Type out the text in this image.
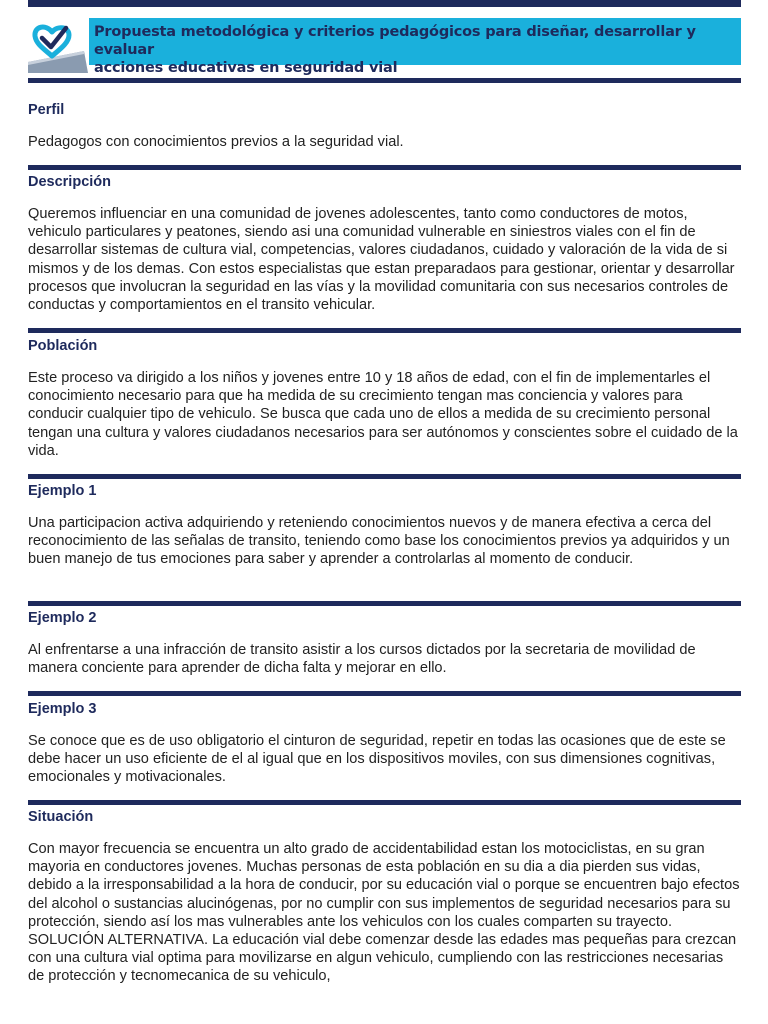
Propuesta metodológica y criterios pedagógicos para diseñar, desarrollar y evaluar
acciones educativas en seguridad vial
Perfil
Pedagogos con conocimientos previos a la seguridad vial.
Descripción
Queremos influenciar en una comunidad de jovenes adolescentes, tanto como conductores de motos, vehiculo particulares y peatones, siendo asi una comunidad vulnerable en siniestros viales con el fin de desarrollar sistemas de cultura vial, competencias, valores ciudadanos, cuidado y valoración de la vida de si mismos y de los demas. Con estos especialistas que estan preparadaos para gestionar, orientar y desarrollar procesos que involucran la seguridad en las vías y la movilidad comunitaria con sus necesarios controles de conductas y comportamientos en el transito vehicular.
Población
Este proceso va dirigido a los niños y jovenes entre 10 y 18 años de edad, con el fin de implementarles el conocimiento necesario para que ha medida de su crecimiento tengan mas conciencia y valores para conducir cualquier tipo de vehiculo. Se busca que cada uno de ellos a medida de su crecimiento personal tengan una cultura y valores ciudadanos necesarios para ser autónomos y conscientes sobre el cuidado de la vida.
Ejemplo 1
Una participacion activa adquiriendo y reteniendo conocimientos nuevos y de manera efectiva a cerca del reconocimiento de las señalas de transito, teniendo como base los conocimientos previos ya adquiridos y un buen manejo de tus emociones para saber y aprender a controlarlas al momento de conducir.
Ejemplo 2
Al enfrentarse a una infracción de transito asistir a los cursos dictados por la secretaria de movilidad de manera conciente para aprender de dicha falta y mejorar en ello.
Ejemplo 3
Se conoce que es de uso obligatorio el cinturon de seguridad, repetir en todas las ocasiones que de este se debe hacer un uso eficiente de el al igual que en los dispositivos moviles, con sus dimensiones cognitivas, emocionales y motivacionales.
Situación
Con mayor frecuencia se encuentra un alto grado de accidentabilidad estan los motociclistas, en su gran mayoria en conductores jovenes. Muchas personas de esta población en su dia a dia pierden sus vidas, debido a la irresponsabilidad a la hora de conducir, por su educación vial o porque se encuentren bajo efectos del alcohol o sustancias alucinógenas, por no cumplir con sus implementos de seguridad necesarios para su protección, siendo así los mas vulnerables ante los vehiculos con los cuales comparten su trayecto. SOLUCIÓN ALTERNATIVA. La educación vial debe comenzar desde las edades mas pequeñas para crezcan con una cultura vial optima para movilizarse en algun vehiculo, cumpliendo con las restricciones necesarias de protección y tecnomecanica de su vehiculo,
